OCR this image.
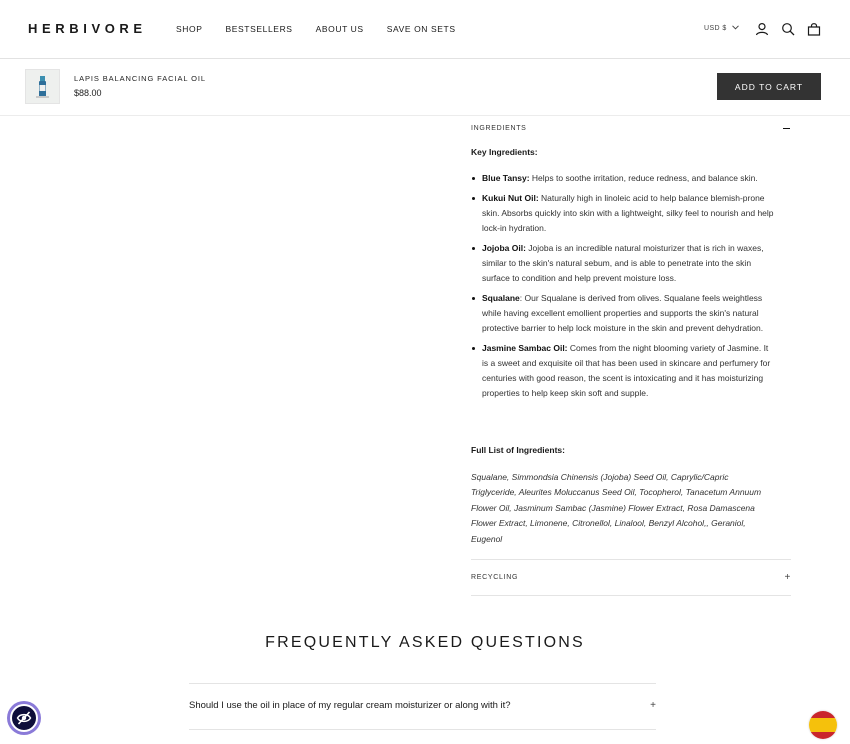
HERBIVORE	SHOP	BESTSELLERS	ABOUT US	SAVE ON SETS	USD $
LAPIS BALANCING FACIAL OIL
$88.00
ADD TO CART
INGREDIENTS
Key Ingredients:
Blue Tansy: Helps to soothe irritation, reduce redness, and balance skin.
Kukui Nut Oil: Naturally high in linoleic acid to help balance blemish-prone skin. Absorbs quickly into skin with a lightweight, silky feel to nourish and help lock-in hydration.
Jojoba Oil: Jojoba is an incredible natural moisturizer that is rich in waxes, similar to the skin's natural sebum, and is able to penetrate into the skin surface to condition and help prevent moisture loss.
Squalane: Our Squalane is derived from olives. Squalane feels weightless while having excellent emollient properties and supports the skin's natural protective barrier to help lock moisture in the skin and prevent dehydration.
Jasmine Sambac Oil: Comes from the night blooming variety of Jasmine. It is a sweet and exquisite oil that has been used in skincare and perfumery for centuries with good reason, the scent is intoxicating and it has moisturizing properties to help keep skin soft and supple.
Full List of Ingredients:
Squalane, Simmondsia Chinensis (Jojoba) Seed Oil, Caprylic/Capric Triglyceride, Aleurites Moluccanus Seed Oil, Tocopherol, Tanacetum Annuum Flower Oil, Jasminum Sambac (Jasmine) Flower Extract, Rosa Damascena Flower Extract, Limonene, Citronellol, Linalool, Benzyl Alcohol,, Geraniol, Eugenol
RECYCLING	+
FREQUENTLY ASKED QUESTIONS
Should I use the oil in place of my regular cream moisturizer or along with it?	+
